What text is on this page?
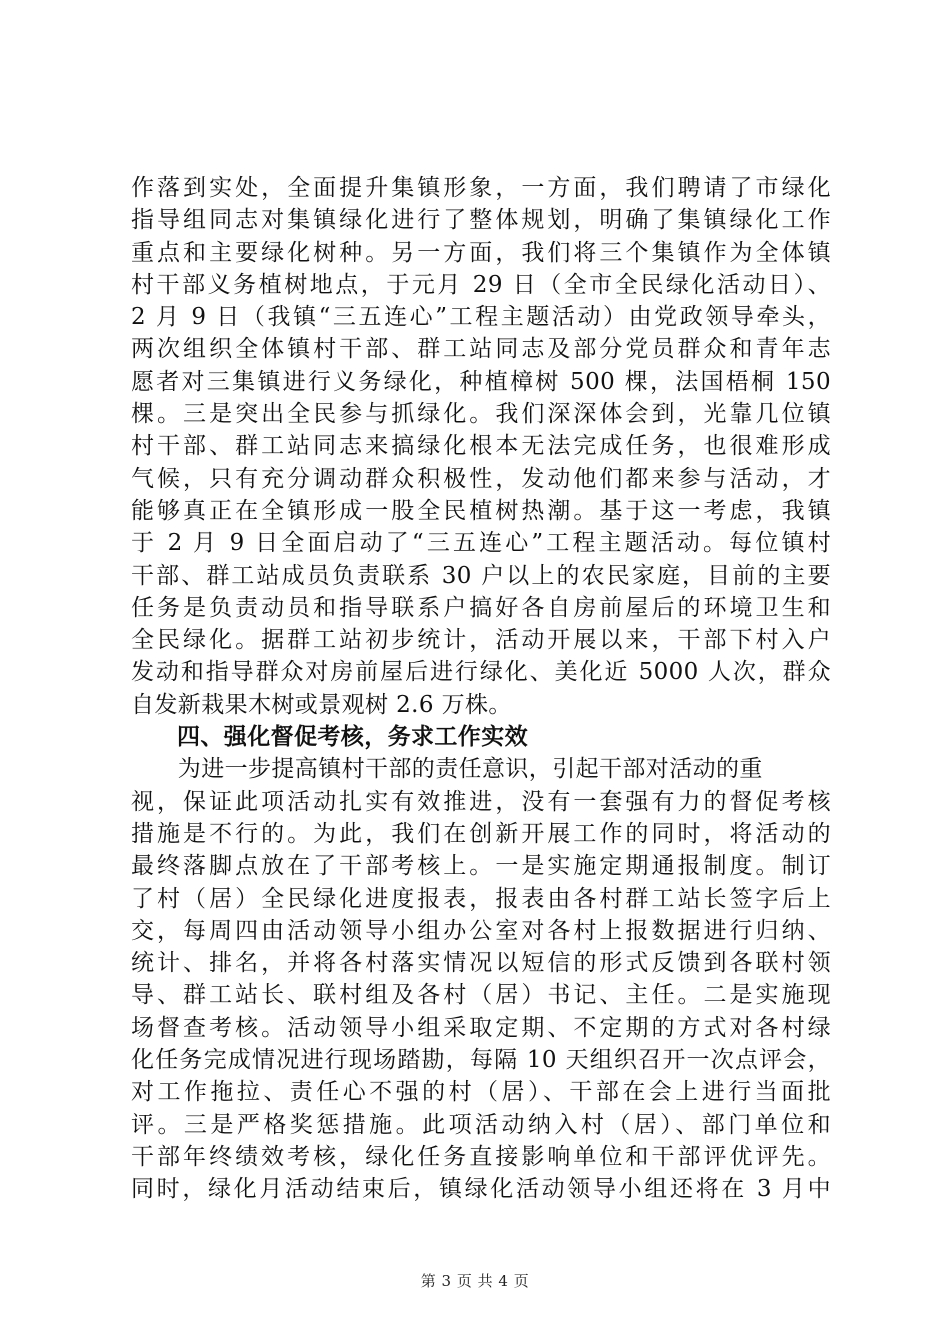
作落到实处，全面提升集镇形象，一方面，我们聘请了市绿化
指导组同志对集镇绿化进行了整体规划，明确了集镇绿化工作
重点和主要绿化树种。另一方面，我们将三个集镇作为全体镇
村干部义务植树地点，于元月 29 日（全市全民绿化活动日）、
2 月 9 日（我镇“三五连心”工程主题活动）由党政领导牵头，
两次组织全体镇村干部、群工站同志及部分党员群众和青年志
愿者对三集镇进行义务绿化，种植樟树 500 棵，法国梧桐 150
棵。三是突出全民参与抓绿化。我们深深体会到，光靠几位镇
村干部、群工站同志来搞绿化根本无法完成任务，也很难形成
气候，只有充分调动群众积极性，发动他们都来参与活动，才
能够真正在全镇形成一股全民植树热潮。基于这一考虑，我镇
于 2 月 9 日全面启动了“三五连心”工程主题活动。每位镇村
干部、群工站成员负责联系 30 户以上的农民家庭，目前的主要
任务是负责动员和指导联系户搞好各自房前屋后的环境卫生和
全民绿化。据群工站初步统计，活动开展以来，干部下村入户
发动和指导群众对房前屋后进行绿化、美化近 5000 人次，群众
自发新栽果木树或景观树 2.6 万株。
四、强化督促考核，务求工作实效
　　为进一步提高镇村干部的责任意识，引起干部对活动的重
视，保证此项活动扎实有效推进，没有一套强有力的督促考核
措施是不行的。为此，我们在创新开展工作的同时，将活动的
最终落脚点放在了干部考核上。一是实施定期通报制度。制订
了村（居）全民绿化进度报表，报表由各村群工站长签字后上
交，每周四由活动领导小组办公室对各村上报数据进行归纳、
统计、排名，并将各村落实情况以短信的形式反馈到各联村领
导、群工站长、联村组及各村（居）书记、主任。二是实施现
场督查考核。活动领导小组采取定期、不定期的方式对各村绿
化任务完成情况进行现场踏勘，每隔 10 天组织召开一次点评会，
对工作拖拉、责任心不强的村（居）、干部在会上进行当面批
评。三是严格奖惩措施。此项活动纳入村（居）、部门单位和
干部年终绩效考核，绿化任务直接影响单位和干部评优评先。
同时，绿化月活动结束后，镇绿化活动领导小组还将在 3 月中
第 3 页 共 4 页
